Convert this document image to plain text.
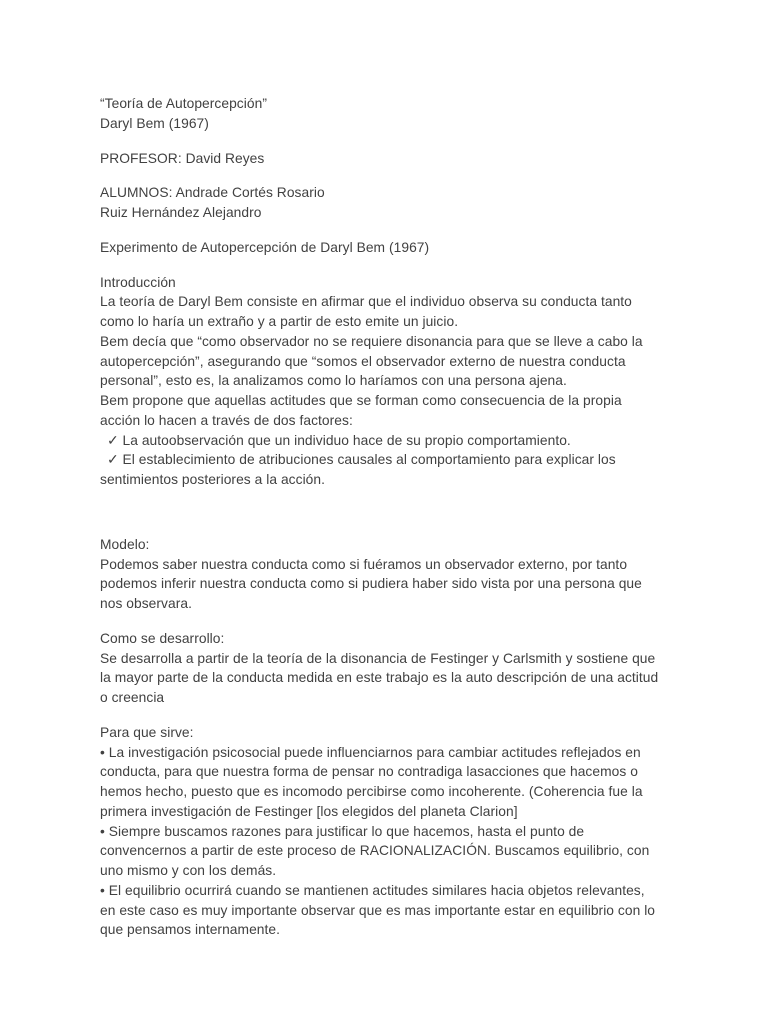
“Teoría de Autopercepción”
Daryl Bem (1967)
PROFESOR: David Reyes
ALUMNOS: Andrade Cortés Rosario
Ruiz Hernández Alejandro
Experimento de Autopercepción de Daryl Bem (1967)
Introducción
La teoría de Daryl Bem consiste en afirmar que el individuo observa su conducta tanto
como lo haría un extraño y a partir de esto emite un juicio.
Bem decía que “como observador no se requiere disonancia para que se lleve a cabo la
autopercepción”, asegurando que “somos el observador externo de nuestra conducta
personal”, esto es, la analizamos como lo haríamos con una persona ajena.
Bem propone que aquellas actitudes que se forman como consecuencia de la propia
acción lo hacen a través de dos factores:
✓ La autoobservación que un individuo hace de su propio comportamiento.
✓ El establecimiento de atribuciones causales al comportamiento para explicar los
sentimientos posteriores a la acción.
Modelo:
Podemos saber nuestra conducta como si fuéramos un observador externo, por tanto
podemos inferir nuestra conducta como si pudiera haber sido vista por una persona que
nos observara.
Como se desarrollo:
Se desarrolla a partir de la teoría de la disonancia de Festinger y Carlsmith y sostiene que
la mayor parte de la conducta medida en este trabajo es la auto descripción de una actitud
o creencia
Para que sirve:
• La investigación psicosocial puede influenciarnos para cambiar actitudes reflejados en
conducta, para que nuestra forma de pensar no contradiga lasacciones que hacemos o
hemos hecho, puesto que es incomodo percibirse como incoherente. (Coherencia fue la
primera investigación de Festinger [los elegidos del planeta Clarion]
• Siempre buscamos razones para justificar lo que hacemos, hasta el punto de
convencernos a partir de este proceso de RACIONALIZACIÓN. Buscamos equilibrio, con
uno mismo y con los demás.
• El equilibrio ocurrirá cuando se mantienen actitudes similares hacia objetos relevantes,
en este caso es muy importante observar que es mas importante estar en equilibrio con lo
que pensamos internamente.
